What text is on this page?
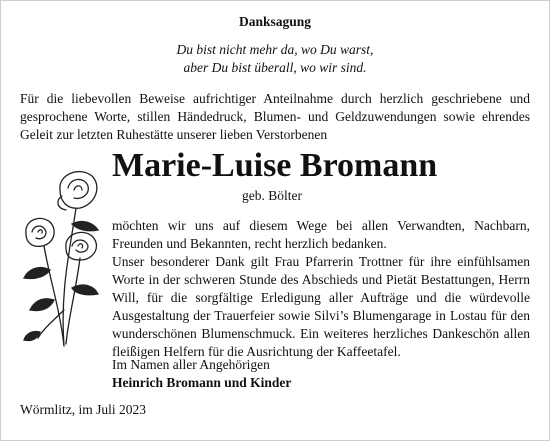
Danksagung
Du bist nicht mehr da, wo Du warst,
aber Du bist überall, wo wir sind.
Für die liebevollen Beweise aufrichtiger Anteilnahme durch herzlich geschriebene und gesprochene Worte, stillen Händedruck, Blumen- und Geldzuwendungen sowie ehrendes Geleit zur letzten Ruhestätte unserer lieben Verstorbenen
Marie-Luise Bromann
geb. Bölter

möchten wir uns auf diesem Wege bei allen Verwandten, Nachbarn, Freunden und Bekannten, recht herzlich bedanken.

Unser besonderer Dank gilt Frau Pfarrerin Trottner für ihre einfühlsamen Worte in der schweren Stunde des Abschieds und Pietät Bestattungen, Herrn Will, für die sorgfältige Erledigung aller Aufträge und die würdevolle Ausgestaltung der Trauerfeier sowie Silvi’s Blumengarage in Lostau für den wunderschönen Blumenschmuck. Ein weiteres herzliches Dankeschön allen fleißigen Helfern für die Ausrichtung der Kaffeetafel.

Im Namen aller Angehörigen
Heinrich Bromann und Kinder
Wörmlitz, im Juli 2023
